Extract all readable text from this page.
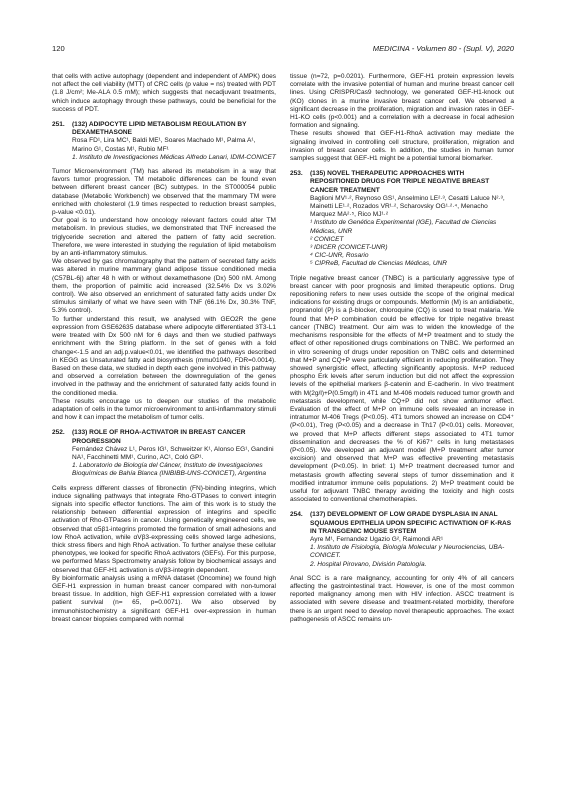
120	MEDICINA - Volumen 80 - (Supl. V), 2020

that cells with active autophagy (dependent and independent of AMPK) does not affect the cell viability (MTT) of CRC cells (p value = ns) treated with PDT (1.8 J/cm²; Me-ALA 0.5 mM); which suggests that necadjuvant treatments, which induce autophagy through these pathways, could be beneficial for the success of PDT.

251.	(132) ADIPOCYTE LIPID METABOLISM REGULATION BY DEXAMETHASONE
Rosa FD¹, Lira MC¹, Baldi ME¹, Soares Machado M¹, Palma A¹, Marino G¹, Costas M¹, Rubio MF¹
1. Instituto de Investigaciones Médicas Alfredo Lanari, IDIM-CONICET

Tumor Microenvironment (TM) has altered its metabolism in a way that favors tumor progression. TM metabolic differences can be found even between different breast cancer (BC) subtypes. In the ST000054 public database (Metabolic Workbench) we observed that the mammary TM were enriched with cholesterol (1.9 times respected to reduction breast samples, p-value <0.01).

Our goal is to understand how oncology relevant factors could alter TM metabolism. In previous studies, we demonstrated that TNF increased the triglyceride secretion and altered the pattern of fatty acid secretion. Therefore, we were interested in studying the regulation of lipid metabolism by an anti-inflammatory stimulus.

We observed by gas chromatography that the pattern of secreted fatty acids was altered in murine mammary gland adipose tissue conditioned media (C57BL-6j) after 48 h with or without dexamethasone (Dx) 500 nM. Among them, the proportion of palmitic acid increased (32.54% Dx vs 3.02% control). We also observed an enrichment of saturated fatty acids under Dx stimulus similarly of what we have seen with TNF (66.1% Dx, 30.3% TNF, 5.3% control).

To further understand this result, we analysed with GEO2R the gene expression from GSE62635 database where adipocyte differentiated 3T3-L1 were treated with Dx 500 nM for 6 days and then we studied pathways enrichment with the String platform. In the set of genes with a fold change<-1.5 and an adj.p.value<0.01, we identified the pathways described in KEGG as Unsaturated fatty acid biosynthesis (mmu01040, FDR=0.0014). Based on these data, we studied in depth each gene involved in this pathway and observed a correlation between the downregulation of the genes involved in the pathway and the enrichment of saturated fatty acids found in the conditioned media.

These results encourage us to deepen our studies of the metabolic adaptation of cells in the tumor microenvironment to anti-inflammatory stimuli and how it can impact the metabolism of tumor cells.

252.	(133) ROLE OF RHOA-ACTIVATOR IN BREAST CANCER PROGRESSION
Fernández Chávez L¹, Peros IG¹, Schweitzer K¹, Alonso EG¹, Gandini NA¹, Facchinetti MM¹, Curino, AC¹, Coló GP¹.
1. Laboratorio de Biología del Cáncer, Instituto de Investigaciones Bioquímicas de Bahía Blanca (INIBIBB-UNS-CONICET), Argentina

Cells express different classes of fibronectin (FN)-binding integrins, which induce signalling pathways that integrate Rho-GTPases to convert integrin signals into specific effector functions. The aim of this work is to study the relationship between differential expression of integrins and specific activation of Rho-GTPases in cancer. Using genetically engineered cells, we observed that α5β1-integrins promoted the formation of small adhesions and low RhoA activation, while αVβ3-expressing cells showed large adhesions, thick stress fibers and high RhoA activation. To further analyse these cellular phenotypes, we looked for specific RhoA activators (GEFs). For this purpose, we performed Mass Spectrometry analysis follow by biochemical assays and observed that GEF-H1 activation is αVβ3-integrin dependent.

By bioinformatic analysis using a mRNA dataset (Oncomine) we found high GEF-H1 expression in human breast cancer compared with non-tumoral breast tissue. In addition, high GEF-H1 expression correlated with a lower patient survival (n= 65, p=0.0071). We also observed by immunohistochemistry a significant GEF-H1 over-expression in human breast cancer biopsies compared with normal

tissue (n=72, p=0.0201). Furthermore, GEF-H1 protein expression levels correlate with the invasive potential of human and murine breast cancer cell lines. Using CRISPR/Cas9 technology, we generated GEF-H1-knock out (KO) clones in a murine invasive breast cancer cell. We observed a significant decrease in the proliferation, migration and invasion rates in GEF-H1-KO cells (p<0.001) and a correlation with a decrease in focal adhesion formation and signaling.

These results showed that GEF-H1-RhoA activation may mediate the signaling involved in controlling cell structure, proliferation, migration and invasion of breast cancer cells. In addition, the studies in human tumor samples suggest that GEF-H1 might be a potential tumoral biomarker.

253.	(135) NOVEL THERAPEUTIC APPROACHES WITH REPOSITIONED DRUGS FOR TRIPLE NEGATIVE BREAST CANCER TREATMENT
Baglioni MV¹·², Reynoso GS¹, Anselmino LE²·³, Cesatti Laluce N²·³, Mainetti LE¹·², Rozados VR¹·², Scharovsky OG¹·²·⁴, Menacho Marquez MA²·⁵, Rico MJ¹·²
¹ Instituto de Genética Experimental (IGE), Facultad de Ciencias Médicas, UNR
² CONICET
³ IDICER (CONICET-UNR)
⁴ CIC-UNR, Rosario
⁵ CIPReB, Facultad de Ciencias Médicas, UNR

Triple negative breast cancer (TNBC) is a particularly aggressive type of breast cancer with poor prognosis and limited therapeutic options. Drug repositioning refers to new uses outside the scope of the original medical indications for existing drugs or compounds. Metformin (M) is an antidiabetic, propranolol (P) is a β-blocker, chloroquine (CQ) is used to treat malaria. We found that M+P combination could be effective for triple negative breast cancer (TNBC) treatment. Our aim was to widen the knowledge of the mechanisms responsible for the effects of M+P treatment and to study the effect of other repositioned drugs combinations on TNBC. We performed an in vitro screening of drugs under reposition on TNBC cells and determined that M+P and CQ+P were particularly efficient in reducing proliferation. They showed synergistic effect, affecting significantly apoptosis. M+P reduced phospho Erk levels after serum induction but did not affect the expression levels of the epithelial markers β-catenin and E-cadherin. In vivo treatment with M(2g/l)+P(0.5mg/l) in 4T1 and M-406 models reduced tumor growth and metastasis development, while CQ+P did not show antitumor effect. Evaluation of the effect of M+P on immune cells revealed an increase in intratumor M-406 Tregs (P<0.05). 4T1 tumors showed an increase on CD4⁺ (P<0.01), Treg (P<0.05) and a decrease in Th17 (P<0.01) cells. Moreover, we proved that M+P affects different steps associated to 4T1 tumor dissemination and decreases the % of Ki67⁺ cells in lung metastases (P<0.05). We developed an adjuvant model (M+P treatment after tumor excision) and observed that M+P was effective preventing metastasis development (P<0.05). In brief: 1) M+P treatment decreased tumor and metastasis growth affecting several steps of tumor dissemination and it modified intratumor immune cells populations. 2) M+P treatment could be useful for adjuvant TNBC therapy avoiding the toxicity and high costs associated to conventional chemotherapies.

254.	(137) DEVELOPMENT OF LOW GRADE DYSPLASIA IN ANAL SQUAMOUS EPITHELIA UPON SPECIFIC ACTIVATION OF K-RAS IN TRANSGENIC MOUSE SYSTEM
Ayre M¹, Fernandez Ugazio G², Raimondi AR¹
1. Instituto de Fisiología, Biología Molecular y Neurociencias, UBA-CONICET.
2. Hospital Pirovano, División Patología.

Anal SCC is a rare malignancy, accounting for only 4% of all cancers affecting the gastrointestinal tract. However, is one of the most common reported malignancy among men with HIV infection. ASCC treatment is associated with severe disease and treatment-related morbidity, therefore there is an urgent need to develop novel therapeutic approaches. The exact pathogenesis of ASCC remains un-
